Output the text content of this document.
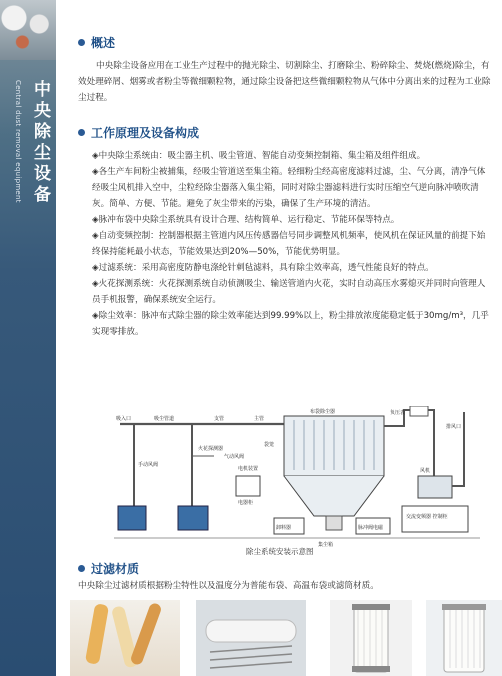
中央除尘设备
Central dust removal equipment
概述

中央除尘设备应用在工业生产过程中的抛光除尘、切割除尘、打磨除尘、粉碎除尘、焚烧(燃烧)除尘，有效处理碎屑、烟雾或者粉尘等微细颗粒物，通过除尘设备把这些微细颗粒物从气体中分离出来的过程为工业除尘过程。

工作原理及设备构成

◈中央除尘系统由：吸尘器主机、吸尘管道、智能自动变频控制箱、集尘箱及组件组成。

◈各生产车间粉尘被捕集，经吸尘管道送至集尘箱。轻细粉尘经高密度滤料过滤，尘、气分离，清净气体经吸尘风机排入空中，尘粒经除尘器落入集尘箱，同时对除尘器滤料进行实时压缩空气逆向脉冲喷吹清灰。简单、方便、节能。避免了灰尘带来的污染，确保了生产环境的清洁。

◈脉冲布袋中央除尘系统具有设计合理、结构简单、运行稳定、节能环保等特点。

◈自动变频控制：控制器根据主管道内风压传感器信号同步调整风机频率，使风机在保证风量的前提下始终保持能耗最小状态，节能效果达到20%—50%，节能优势明显。

◈过滤系统：采用高密度防静电涤纶针刺毡滤料，具有除尘效率高，透气性能良好的特点。

◈火花探测系统：火花探测系统自动侦测吸尘、输送管道内火花，实时自动高压水雾熄灭并同时向管理人员手机报警，确保系统安全运行。

◈除尘效率：脉冲布式除尘器的除尘效率能达到99.99%以上，粉尘排放浓度能稳定低于30mg/m³，几乎实现零排放。

布袋除尘器	负压表
排风口
风机
交流变频器 控制柜
脉冲阀电磁
卸料器
吸入口
手动风阀
吸尘管道
火花探测器
支管	主管
电器柜
电机装置
气动风阀
袋笼
集尘箱
除尘系统安装示意图
过滤材质

中央除尘过滤材质根据粉尘特性以及温度分为普能布袋、高温布袋或滤筒材质。
